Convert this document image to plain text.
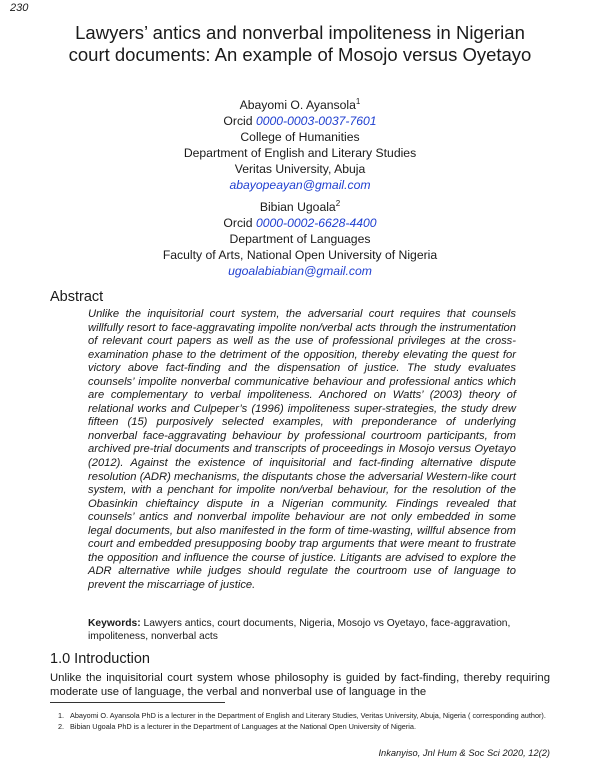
230
Lawyers’ antics and nonverbal impoliteness in Nigerian
court documents: An example of Mosojo versus Oyetayo
Abayomi O. Ayansola$^1$
Orcid 0000-0003-0037-7601
College of Humanities
Department of English and Literary Studies
Veritas University, Abuja
abayopeayan@gmail.com
Bibian Ugoala$^2$
Orcid 0000-0002-6628-4400
Department of Languages
Faculty of Arts, National Open University of Nigeria
ugoalabiabian@gmail.com
Abstract
Unlike the inquisitorial court system, the adversarial court requires that counsels willfully resort to face-aggravating impolite non/verbal acts through the instrumentation of relevant court papers as well as the use of professional privileges at the cross-examination phase to the detriment of the opposition, thereby elevating the quest for victory above fact-finding and the dispensation of justice. The study evaluates counsels’ impolite nonverbal communicative behaviour and professional antics which are complementary to verbal impoliteness. Anchored on Watts’ (2003) theory of relational works and Culpeper’s (1996) impoliteness super-strategies, the study drew fifteen (15) purposively selected examples, with preponderance of underlying nonverbal face-aggravating behaviour by professional courtroom participants, from archived pre-trial documents and transcripts of proceedings in Mosojo versus Oyetayo (2012). Against the existence of inquisitorial and fact-finding alternative dispute resolution (ADR) mechanisms, the disputants chose the adversarial Western-like court system, with a penchant for impolite non/verbal behaviour, for the resolution of the Obasinkin chieftaincy dispute in a Nigerian community. Findings revealed that counsels’ antics and nonverbal impolite behaviour are not only embedded in some legal documents, but also manifested in the form of time-wasting, willful absence from court and embedded presupposing booby trap arguments that were meant to frustrate the opposition and influence the course of justice. Litigants are advised to explore the ADR alternative while judges should regulate the courtroom use of language to prevent the miscarriage of justice.
Keywords: Lawyers antics, court documents, Nigeria, Mosojo vs Oyetayo, face-aggravation, impoliteness, nonverbal acts
1.0 Introduction
Unlike the inquisitorial court system whose philosophy is guided by fact-finding, thereby requiring moderate use of language, the verbal and nonverbal use of language in the
1. Abayomi O. Ayansola PhD is a lecturer in the Department of English and Literary Studies, Veritas University, Abuja, Nigeria ( corresponding author).
2. Bibian Ugoala PhD is a lecturer in the Department of Languages at the National Open University of Nigeria.
Inkanyiso, Jnl Hum & Soc Sci 2020, 12(2)
